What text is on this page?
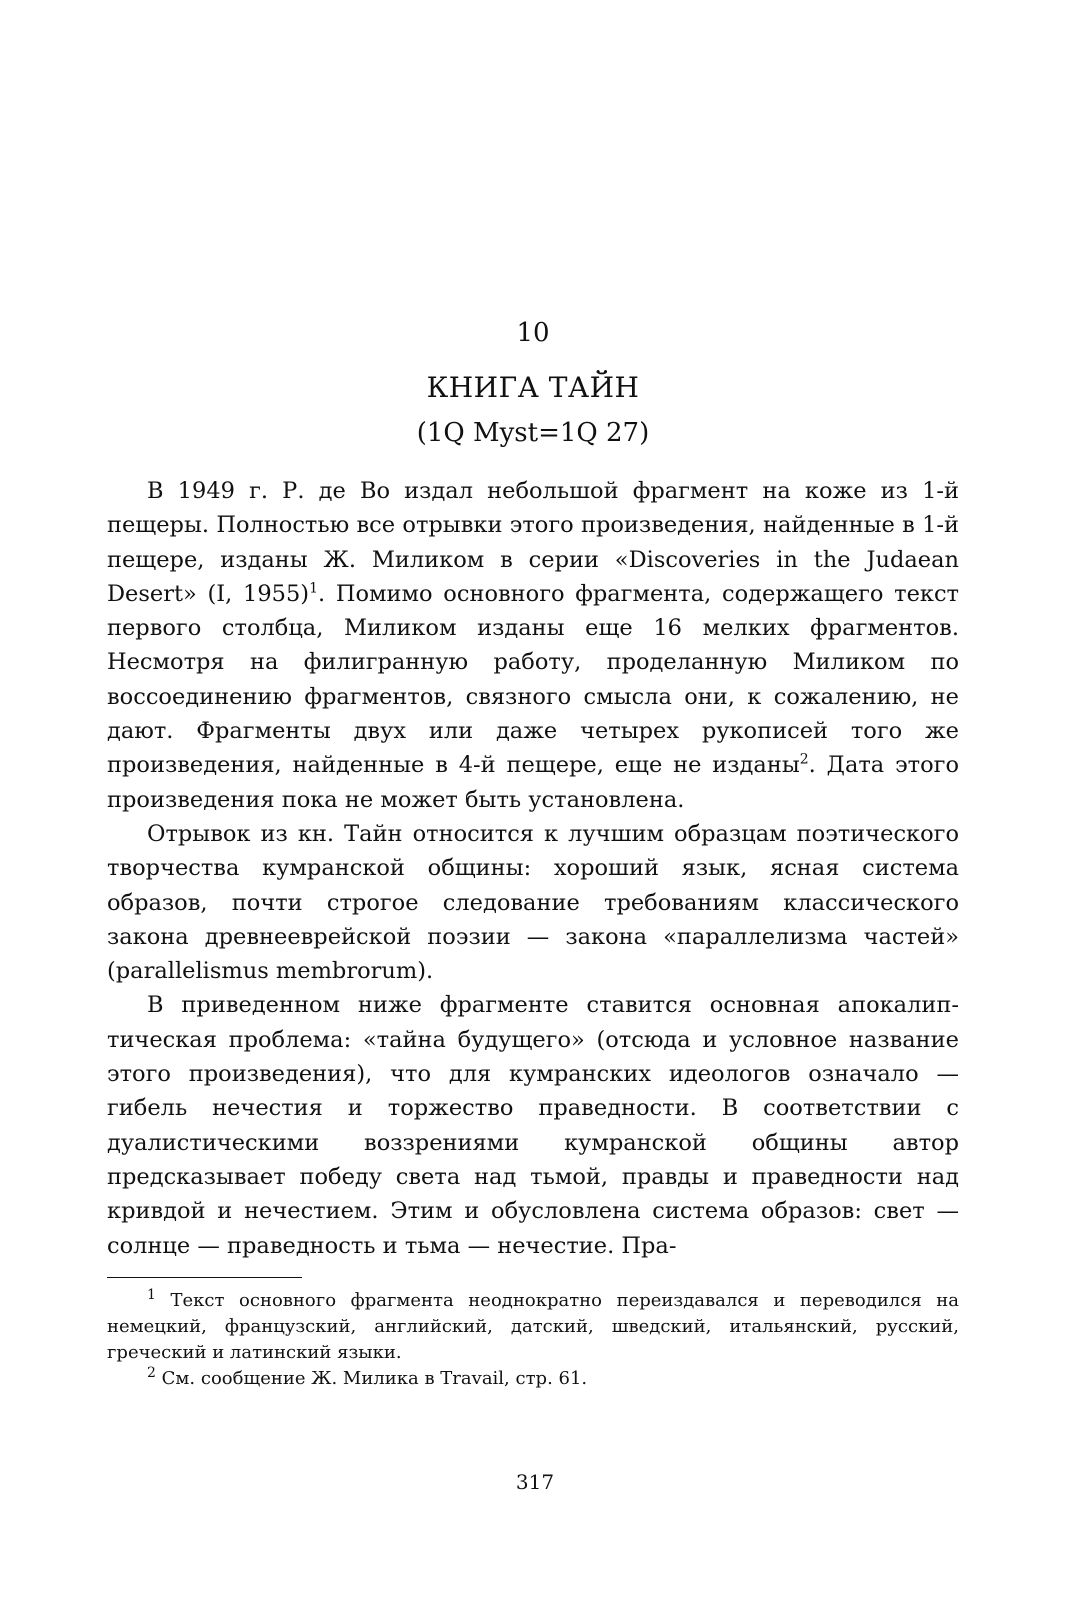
10
КНИГА ТАЙН
(1Q Myst=1Q 27)

В 1949 г. Р. де Во издал небольшой фрагмент на коже из 1-й пещеры. Полностью все отрывки этого произведения, найденные в 1-й пещере, изданы Ж. Миликом в серии «Discoveries in the Judaean Desert» (I, 1955)$^1$. Помимо основного фрагмента, содержащего текст первого столбца, Миликом изданы еще 16 мелких фрагментов. Несмотря на филигранную работу, проделанную Миликом по воссоединению фрагментов, связного смысла они, к сожалению, не дают. Фрагменты двух или даже четырех рукописей того же произведения, найденные в 4-й пещере, еще не изданы$^2$. Дата этого произведения пока не может быть установлена.

Отрывок из кн. Тайн относится к лучшим образцам поэтического творчества кумранской общины: хороший язык, ясная система образов, почти строгое следование требованиям классического закона древнееврейской поэзии — закона «параллелизма частей» (parallelismus membrorum).

В приведенном ниже фрагменте ставится основная апокалиптическая проблема: «тайна будущего» (отсюда и условное название этого произведения), что для кумранских идеологов означало — гибель нечестия и торжество праведности. В соответствии с дуалистическими воззрениями кумранской общины автор предсказывает победу света над тьмой, правды и праведности над кривдой и нечестием. Этим и обусловлена система образов: свет — солнце — праведность и тьма — нечестие. Пра-

$^1$ Текст основного фрагмента неоднократно переиздавался и переводился на немецкий, французский, английский, датский, шведский, итальянский, русский, греческий и латинский языки.

$^2$ См. сообщение Ж. Милика в Travail, стр. 61.

317
